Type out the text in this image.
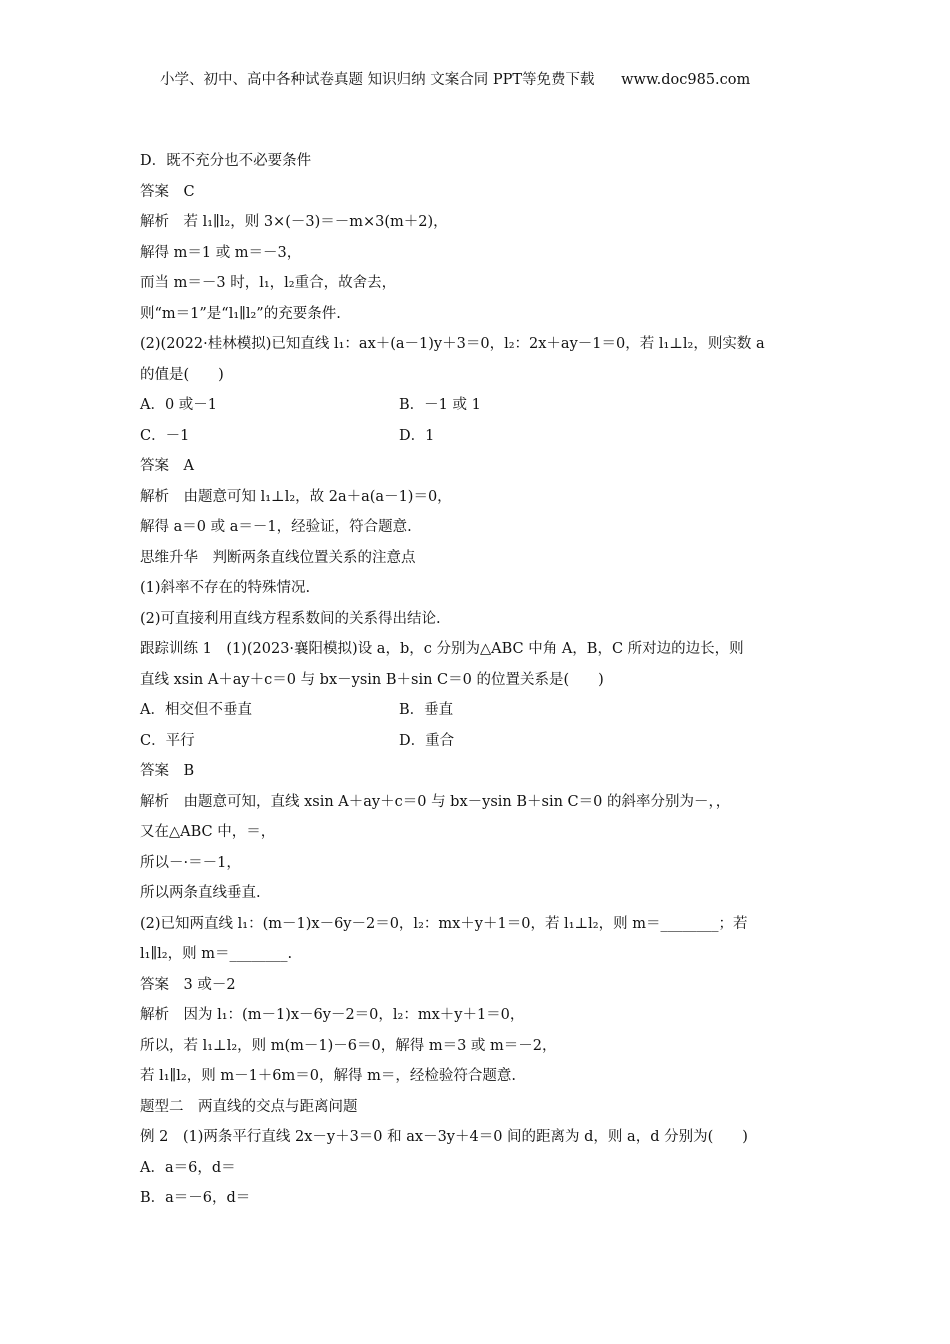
小学、初中、高中各种试卷真题 知识归纳 文案合同 PPT等免费下载 www.doc985.com
D．既不充分也不必要条件
答案　C
解析　若 l₁∥l₂，则 3×(－3)＝－m×3(m＋2)，
解得 m＝1 或 m＝－3，
而当 m＝－3 时，l₁，l₂重合，故舍去，
则“m＝1”是“l₁∥l₂”的充要条件.
(2)(2022·桂林模拟)已知直线 l₁：ax＋(a－1)y＋3＝0，l₂：2x＋ay－1＝0，若 l₁⊥l₂，则实数 a
的值是(　　)
A．0 或－1	B．－1 或 1
C．－1	D．1
答案　A
解析　由题意可知 l₁⊥l₂，故 2a＋a(a－1)＝0，
解得 a＝0 或 a＝－1，经验证，符合题意.
思维升华　判断两条直线位置关系的注意点
(1)斜率不存在的特殊情况.
(2)可直接利用直线方程系数间的关系得出结论.
跟踪训练 1　(1)(2023·襄阳模拟)设 a，b，c 分别为△ABC 中角 A，B，C 所对边的边长，则
直线 xsin A＋ay＋c＝0 与 bx－ysin B＋sin C＝0 的位置关系是(　　)
A．相交但不垂直	B．垂直
C．平行	D．重合
答案　B
解析　由题意可知，直线 xsin A＋ay＋c＝0 与 bx－ysin B＋sin C＝0 的斜率分别为－，，
又在△ABC 中，＝，
所以－·＝－1，
所以两条直线垂直.
(2)已知两直线 l₁：(m－1)x－6y－2＝0，l₂：mx＋y＋1＝0，若 l₁⊥l₂，则 m＝________；若
l₁∥l₂，则 m＝________.
答案　3 或－2
解析　因为 l₁：(m－1)x－6y－2＝0，l₂：mx＋y＋1＝0，
所以，若 l₁⊥l₂，则 m(m－1)－6＝0，解得 m＝3 或 m＝－2，
若 l₁∥l₂，则 m－1＋6m＝0，解得 m＝，经检验符合题意.
题型二　两直线的交点与距离问题
例 2　(1)两条平行直线 2x－y＋3＝0 和 ax－3y＋4＝0 间的距离为 d，则 a，d 分别为(　　)
A．a＝6，d＝
B．a＝－6，d＝
